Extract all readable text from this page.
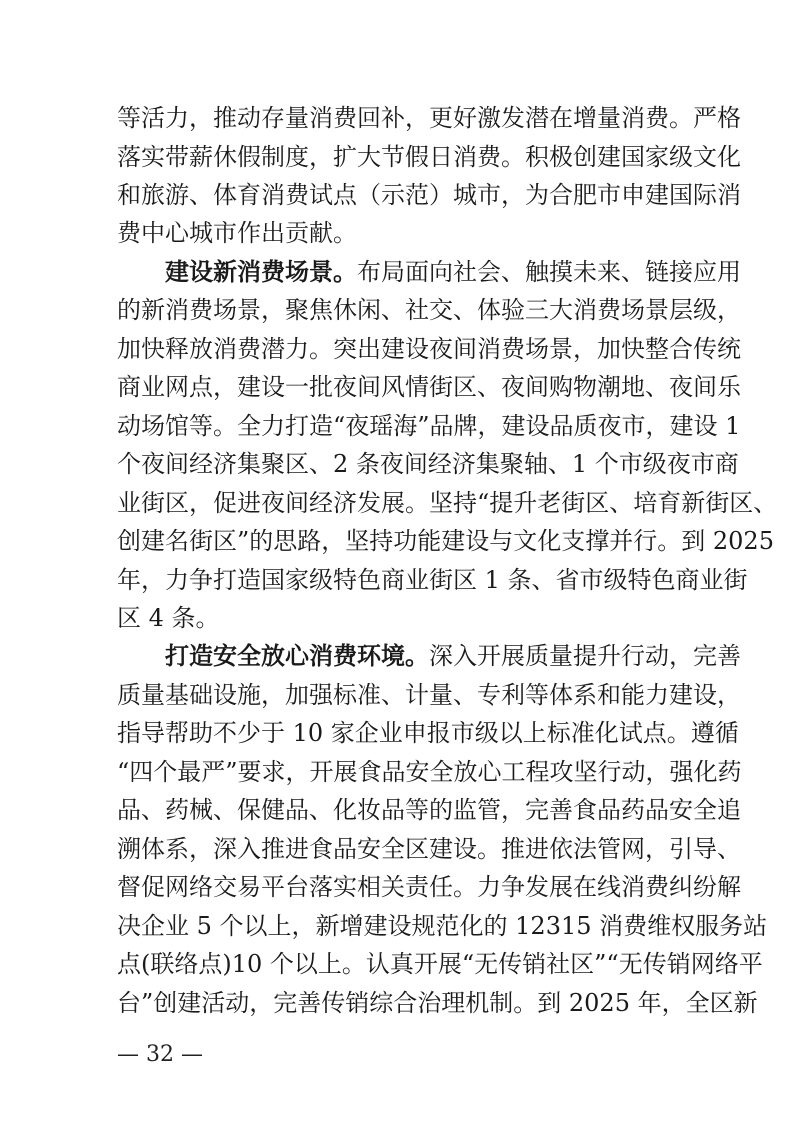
等活力，推动存量消费回补，更好激发潜在增量消费。严格
落实带薪休假制度，扩大节假日消费。积极创建国家级文化
和旅游、体育消费试点（示范）城市，为合肥市申建国际消
费中心城市作出贡献。
建设新消费场景。布局面向社会、触摸未来、链接应用
的新消费场景，聚焦休闲、社交、体验三大消费场景层级，
加快释放消费潜力。突出建设夜间消费场景，加快整合传统
商业网点，建设一批夜间风情街区、夜间购物潮地、夜间乐
动场馆等。全力打造“夜瑶海”品牌，建设品质夜市，建设 1
个夜间经济集聚区、2 条夜间经济集聚轴、1 个市级夜市商
业街区，促进夜间经济发展。坚持“提升老街区、培育新街区、
创建名街区”的思路，坚持功能建设与文化支撑并行。到 2025
年，力争打造国家级特色商业街区 1 条、省市级特色商业街
区 4 条。
打造安全放心消费环境。深入开展质量提升行动，完善
质量基础设施，加强标准、计量、专利等体系和能力建设，
指导帮助不少于 10 家企业申报市级以上标准化试点。遵循
“四个最严”要求，开展食品安全放心工程攻坚行动，强化药
品、药械、保健品、化妆品等的监管，完善食品药品安全追
溯体系，深入推进食品安全区建设。推进依法管网，引导、
督促网络交易平台落实相关责任。力争发展在线消费纠纷解
决企业 5 个以上，新增建设规范化的 12315 消费维权服务站
— 32 —
点(联络点)10 个以上。认真开展“无传销社区”“无传销网络平
台”创建活动，完善传销综合治理机制。到 2025 年，全区新
